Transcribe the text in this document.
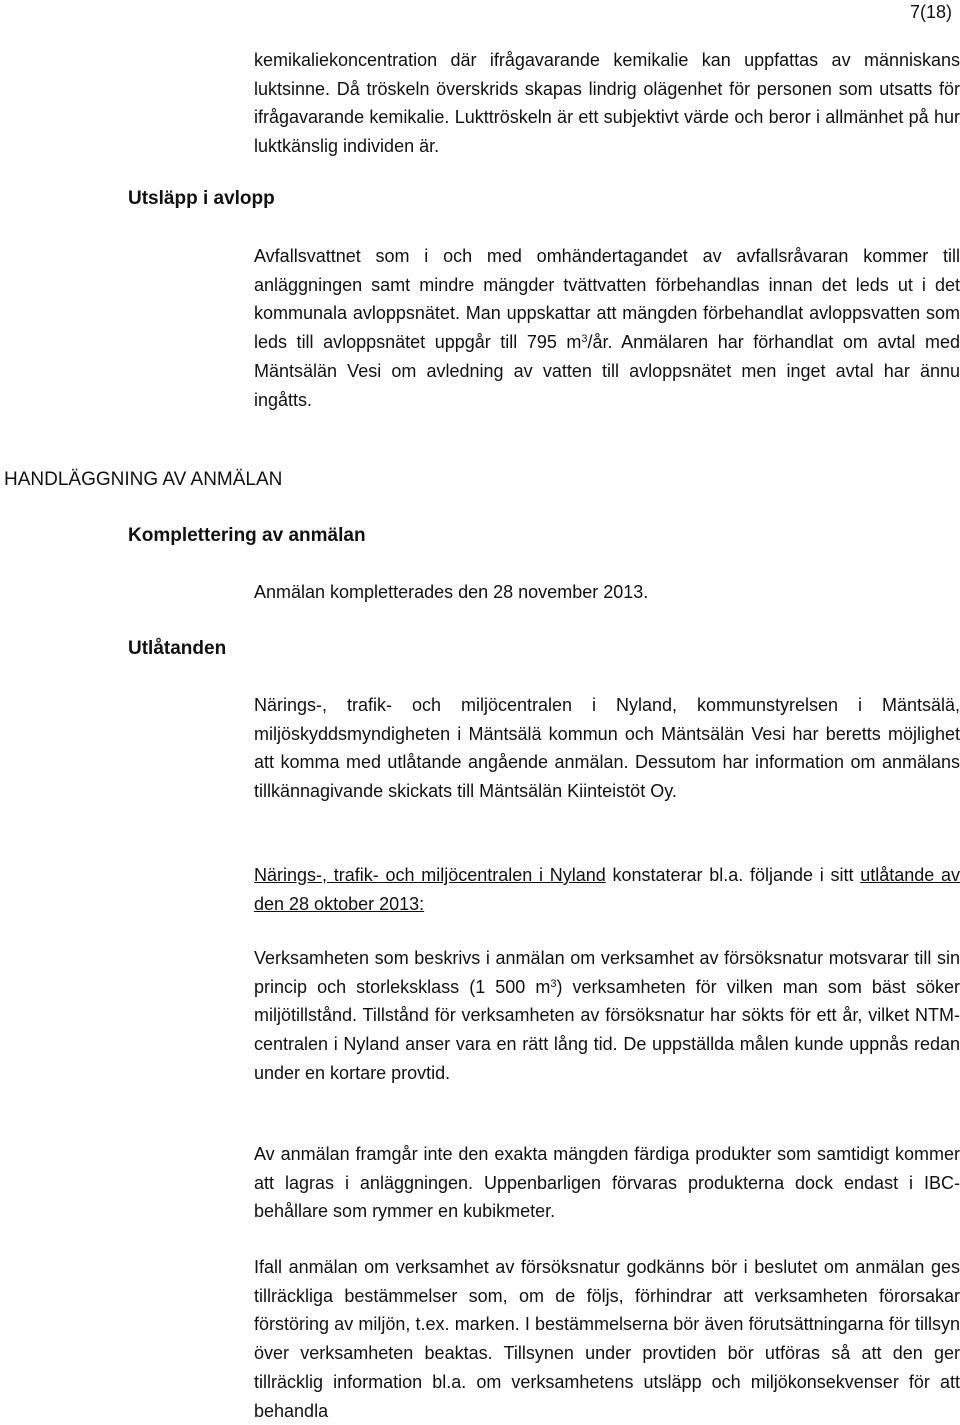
7(18)

kemikaliekoncentration där ifrågavarande kemikalie kan uppfattas av människans luktsinne. Då tröskeln överskrids skapas lindrig olägenhet för personen som utsatts för ifrågavarande kemikalie. Lukttröskeln är ett subjektivt värde och beror i allmänhet på hur luktkänslig individen är.

Utsläpp i avlopp

Avfallsvattnet som i och med omhändertagandet av avfallsråvaran kommer till anläggningen samt mindre mängder tvättvatten förbehandlas innan det leds ut i det kommunala avloppsnätet. Man uppskattar att mängden förbehandlat avloppsvatten som leds till avloppsnätet uppgår till 795 $m^3/år$. Anmälaren har förhandlat om avtal med Mäntsälän Vesi om avledning av vatten till avloppsnätet men inget avtal har ännu ingåtts.

HANDLÄGGNING AV ANMÄLAN
Komplettering av anmälan

Anmälan kompletterades den 28 november 2013.

Utlåtanden

Närings-, trafik- och miljöcentralen i Nyland, kommunstyrelsen i Mäntsälä, miljöskyddsmyndigheten i Mäntsälä kommun och Mäntsälän Vesi har beretts möjlighet att komma med utlåtande angående anmälan. Dessutom har information om anmälans tillkännagivande skickats till Mäntsälän Kiinteistöt Oy.

Närings-, trafik- och miljöcentralen i Nyland konstaterar bl.a. följande i sitt utlåtande av den 28 oktober 2013:

Verksamheten som beskrivs i anmälan om verksamhet av försöksnatur motsvarar till sin princip och storleksklass (1 500 $m^3$) verksamheten för vilken man som bäst söker miljötillstånd. Tillstånd för verksamheten av försöksnatur har sökts för ett år, vilket NTM-centralen i Nyland anser vara en rätt lång tid. De uppställda målen kunde uppnås redan under en kortare provtid.

Av anmälan framgår inte den exakta mängden färdiga produkter som samtidigt kommer att lagras i anläggningen. Uppenbarligen förvaras produkterna dock endast i IBC-behållare som rymmer en kubikmeter.

Ifall anmälan om verksamhet av försöksnatur godkänns bör i beslutet om anmälan ges tillräckliga bestämmelser som, om de följs, förhindrar att verksamheten förorsakar förstöring av miljön, t.ex. marken. I bestämmelserna bör även förutsättningarna för tillsyn över verksamheten beaktas. Tillsynen under provtiden bör utföras så att den ger tillräcklig information bl.a. om verksamhetens utsläpp och miljökonsekvenser för att behandla
